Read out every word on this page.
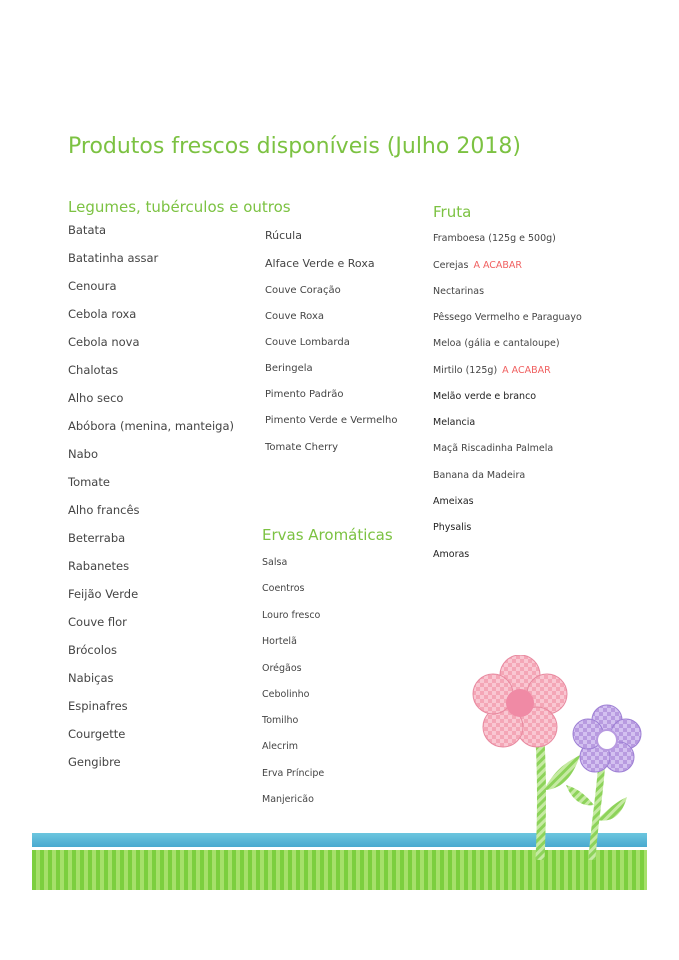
Produtos frescos disponíveis (Julho 2018)
Legumes, tubérculos e outros
Batata
Batatinha assar
Cenoura
Cebola roxa
Cebola nova
Chalotas
Alho seco
Abóbora (menina, manteiga)
Nabo
Tomate
Alho francês
Beterraba
Rabanetes
Feijão Verde
Couve flor
Brócolos
Nabiças
Espinafres
Courgette
Gengibre
Rúcula
Alface Verde e Roxa
Couve Coração
Couve Roxa
Couve Lombarda
Beringela
Pimento Padrão
Pimento Verde e Vermelho
Tomate Cherry
Ervas Aromáticas
Salsa
Coentros
Louro fresco
Hortelã
Orégãos
Cebolinho
Tomilho
Alecrim
Erva Príncipe
Manjericão
Fruta
Framboesa (125g e 500g)
Cerejas A ACABAR
Nectarinas
Pêssego Vermelho e Paraguayo
Meloa (gália e cantaloupe)
Mirtilo (125g) A ACABAR
Melão verde e branco
Melancia
Maçã Riscadinha Palmela
Banana da Madeira
Ameixas
Physalis
Amoras
